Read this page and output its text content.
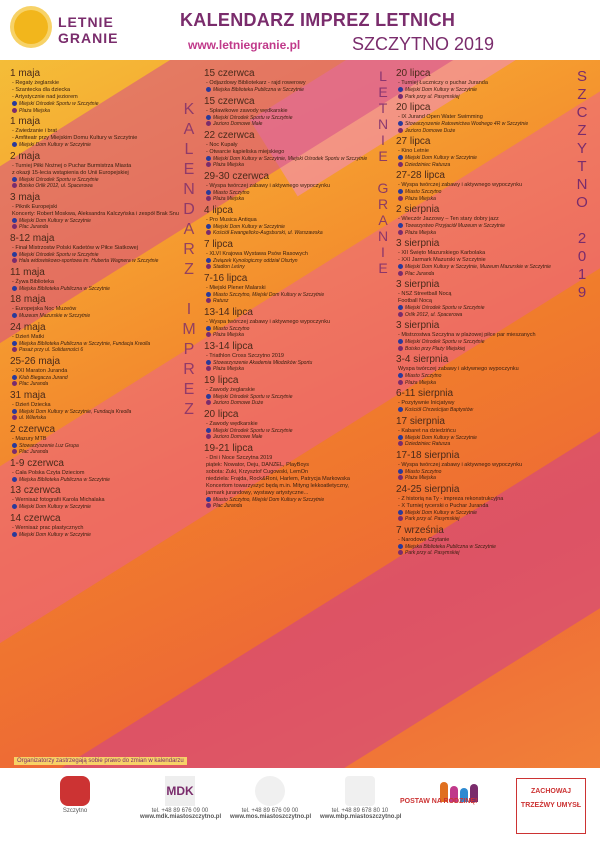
LETNIE
GRANIE
KALENDARZ IMPREZ LETNICH
www.letniegranie.pl	SZCZYTNO 2019
K
A
L
E
N
D
A
R
Z

I
M
P
R
E
Z
L
E
T
N
I
E

G
R
A
N
I
E
S
Z
C
Z
Y
T
N
O

2
0
1
9
1 maja
- Regaty żeglarskie
- Szantecka dla dziecka
- Artystycznie nad jeziorem
Miejski Ośrodek Sportu w Szczytnie
Plaża Miejska
1 maja
- Zwiedzanie i brat
- Amfiteatr przy Miejskim Domu Kultury w Szczytnie
Miejski Dom Kultury w Szczytnie
2 maja
- Turniej Piłki Nożnej o Puchar Burmistrza Miasta
z okazji 15-lecia wstąpienia do Unii Europejskiej
Miejski Ośrodek Sportu w Szczytnie
Boisko Orlik 2012, ul. Spacerowa
3 maja
- Piknik Europejski
Koncerty: Robert Moskwa, Aleksandra Kalczyńska i zespół Brak Snu
Miejski Dom Kultury w Szczytnie
Plac Juranda
8-12 maja
- Finał Mistrzostw Polski Kadetów w Piłce Siatkowej
Miejski Ośrodek Sportu w Szczytnie
Hala widowiskowo-sportowa im. Huberta Wagnera w Szczytnie
11 maja
- Żywa Biblioteka
Miejska Biblioteka Publiczna w Szczytnie
18 maja
- Europejska Noc Muzeów
Muzeum Mazurskie w Szczytnie
24 maja
- Dzień Matki
Miejska Biblioteka Publiczna w Szczytnie, Fundacja Kreolla
Pasaż przy ul. Solidarności 6
25-26 maja
- XXI Maraton Juranda
Klub Biegacza Jurand
Plac Juranda
31 maja
- Dzień Dziecka
Miejski Dom Kultury w Szczytnie, Fundacja Kreolla
ul. Wileńska
2 czerwca
- Mazury MTB
Stowarzyszenie Luz Grupa
Plac Juranda
1-9 czerwca
- Cała Polska Czyta Dzieciom
Miejska Biblioteka Publiczna w Szczytnie
13 czerwca
- Wernisaż fotografii Karola Michalaka
Miejski Dom Kultury w Szczytnie
14 czerwca
- Wernisaż prac plastycznych
Miejski Dom Kultury w Szczytnie
15 czerwca
- Odjazdowy Bibliotekarz - rajd rowerowy
Miejska Biblioteka Publiczna w Szczytnie
15 czerwca
- Spławikowe zawody wędkarskie
Miejski Ośrodek Sportu w Szczytnie
Jezioro Domowe Małe
22 czerwca
- Noc Kupały
- Otwarcie kąpieliska miejskiego
Miejski Dom Kultury w Szczytnie, Miejski Ośrodek Sportu w Szczytnie
Plaża Miejska
29-30 czerwca
- Wyspa twórczej zabawy i aktywnego wypoczynku
Miasto Szczytno
Plaża Miejska
4 lipca
- Pro Musica Antiqua
Miejski Dom Kultury w Szczytnie
Kościół Ewangelicko-Augsburski, ul. Warszawska
7 lipca
- XLVI Krajowa Wystawa Psów Rasowych
Związek Kynologiczny oddział Olsztyn
Stadion Leśny
7-16 lipca
- Miejski Plener Malarski
Miasto Szczytno, Miejski Dom Kultury w Szczytnie
Ratusz
13-14 lipca
- Wyspa twórczej zabawy i aktywnego wypoczynku
Miasto Szczytno
Plaża Miejska
13-14 lipca
- Triathlon Cross Szczytno 2019
Stowarzyszenie Akademia Młodzików Sportu
Plaża Miejska
19 lipca
- Zawody żeglarskie
Miejski Ośrodek Sportu w Szczytnie
Jezioro Domowe Duże
20 lipca
- Zawody wędkarskie
Miejski Ośrodek Sportu w Szczytnie
Jezioro Domowe Małe
19-21 lipca
- Dni i Noce Szczytna 2019
piątek: Nowator, Deju, DANZEL, PlayBoys
sobota: Zuki, Krzysztof Cugowski, LemOn
niedziela: Frajda, Rock&Roni, Harlem, Patrycja Markowska
Koncertom towarzyszyć będą m.in. Mityng lekkoatletyczny,
jarmark jurandowy, wystawy artystyczne...
Miasto Szczytno, Miejski Dom Kultury w Szczytnie
Plac Juranda
20 lipca
- Turniej Łuczniczy o puchar Juranda
Miejski Dom Kultury w Szczytnie
Park przy ul. Pasymskiej
20 lipca
- IX Jurand Open Water Swimming
Stowarzyszenie Ratownictwa Wodnego 4R w Szczytnie
Jezioro Domowe Duże
27 lipca
- Kino Letnie
Miejski Dom Kultury w Szczytnie
Dziedziniec Ratusza
27-28 lipca
- Wyspa twórczej zabawy i aktywnego wypoczynku
Miasto Szczytno
Plaża Miejska
2 sierpnia
- Wieczór Jazzowy – Ten stary dobry jazz
Towarzystwo Przyjaciół Muzeum w Szczytnie
Plaża Miejska
3 sierpnia
- XII Święto Mazurskiego Karbolaka
- XXI Jarmark Mazurski w Szczytnie
Miejski Dom Kultury w Szczytnie, Muzeum Mazurskie w Szczytnie
Plac Juranda
3 sierpnia
- NSZ Streetball Nocą
Football Nocą
Miejski Ośrodek Sportu w Szczytnie
Orlik 2012, ul. Spacerowa
3 sierpnia
- Mistrzostwa Szczytna w plażowej piłce par mieszanych
Miejski Ośrodek Sportu w Szczytnie
Boisko przy Plaży Miejskiej
3-4 sierpnia
Wyspa twórczej zabawy i aktywnego wypoczynku
Miasto Szczytno
Plaża Miejska
6-11 sierpnia
- Pozytywnie Inicjatywy
Kościół Chrześcijan Baptystów
17 sierpnia
- Kabaret na dziedzińcu
Miejski Dom Kultury w Szczytnie
Dziedziniec Ratusza
17-18 sierpnia
- Wyspa twórczej zabawy i aktywnego wypoczynku
Miasto Szczytno
Plaża Miejska
24-25 sierpnia
- Z historią na Ty - impreza rekonstrukcyjna
- X Turniej rycerski o Puchar Juranda
Miejski Dom Kultury w Szczytnie
Park przy ul. Pasymskiej
7 września
- Narodowe Czytanie
Miejska Biblioteka Publiczna w Szczytnie
Park przy ul. Pasymskiej
Organizatorzy zastrzegają sobie prawo do zmian w kalendarzu
Szczytno
MDK
tel. +48 89 676 09 00
www.mdk.miastoszczytno.pl
tel. +48 89 676 09 00
www.mos.miastoszczytno.pl
tel. +48 89 678 80 10
www.mbp.miastoszczytno.pl
POSTAW NA RODZINĘ!
ZACHOWAJ TRZEŹWY UMYSŁ
